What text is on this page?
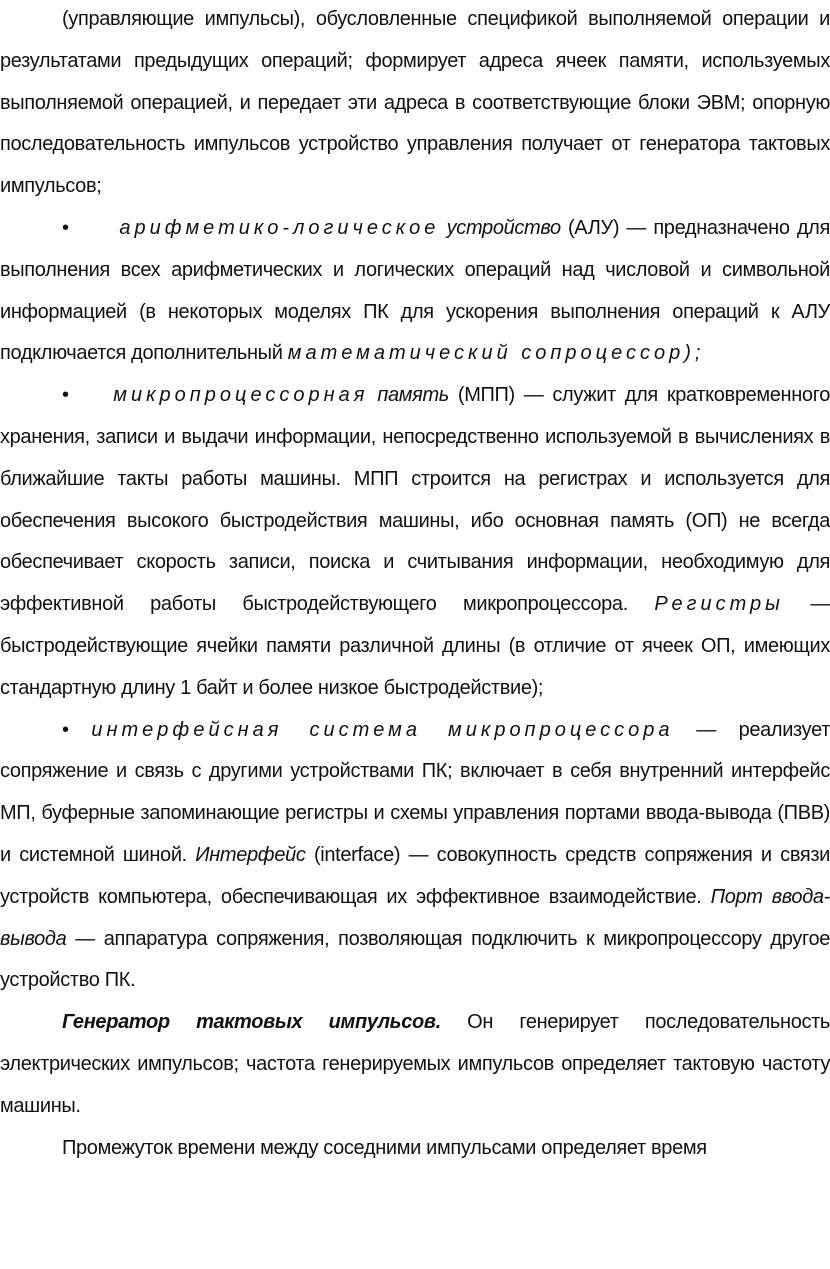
(управляющие импульсы), обусловленные спецификой выполняемой операции и результатами предыдущих операций; формирует адреса ячеек памяти, используемых выполняемой операцией, и передает эти адреса в соответствующие блоки ЭВМ; опорную последовательность импульсов устройство управления получает от генератора тактовых импульсов;

•	арифметико-логическое устройство (АЛУ) — предназначено для выполнения всех арифметических и логических операций над числовой и символьной информацией (в некоторых моделях ПК для ускорения выполнения операций к АЛУ подключается дополнительный математический сопроцессор);

• микропроцессорная память (МПП) — служит для кратковременного хранения, записи и выдачи информации, непосредственно используемой в вычислениях в ближайшие такты работы машины. МПП строится на регистрах и используется для обеспечения высокого быстродействия машины, ибо основная память (ОП) не всегда обеспечивает скорость записи, поиска и считывания информации, необходимую для эффективной работы быстродействующего микропроцессора. Регистры — быстродействующие ячейки памяти различной длины (в отличие от ячеек ОП, имеющих стандартную длину 1 байт и более низкое быстродействие);

• интерфейсная система микропроцессора — реализует сопряжение и связь с другими устройствами ПК; включает в себя внутренний интерфейс МП, буферные запоминающие регистры и схемы управления портами ввода-вывода (ПВВ) и системной шиной. Интерфейс (interface) — совокупность средств сопряжения и связи устройств компьютера, обеспечивающая их эффективное взаимодействие. Порт ввода-вывода — аппаратура сопряжения, позволяющая подключить к микропроцессору другое устройство ПК.

Генератор тактовых импульсов. Он генерирует последовательность электрических импульсов; частота генерируемых импульсов определяет тактовую частоту машины.

Промежуток времени между соседними импульсами определяет время
